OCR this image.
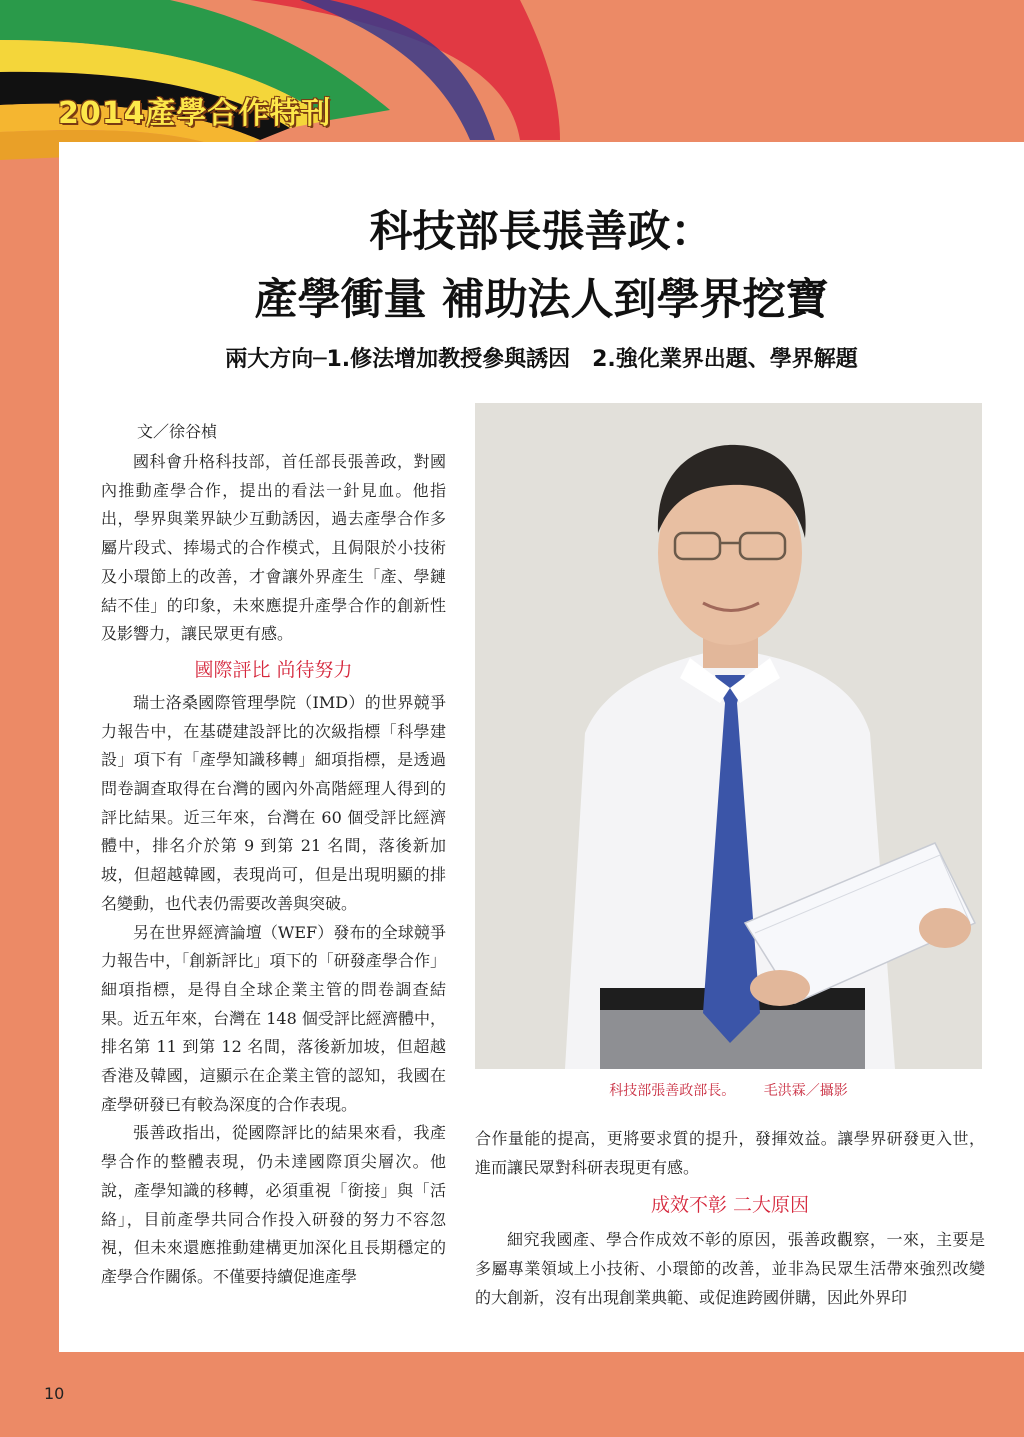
2014產學合作特刊
科技部長張善政：
產學衝量 補助法人到學界挖寶
兩大方向─1.修法增加教授參與誘因　2.強化業界出題、學界解題
文／徐谷楨

國科會升格科技部，首任部長張善政，對國內推動產學合作，提出的看法一針見血。他指出，學界與業界缺少互動誘因，過去產學合作多屬片段式、捧場式的合作模式，且侷限於小技術及小環節上的改善，才會讓外界產生「產、學鏈結不佳」的印象，未來應提升產學合作的創新性及影響力，讓民眾更有感。

國際評比 尚待努力

瑞士洛桑國際管理學院（IMD）的世界競爭力報告中，在基礎建設評比的次級指標「科學建設」項下有「產學知識移轉」細項指標，是透過問卷調查取得在台灣的國內外高階經理人得到的評比結果。近三年來，台灣在 60 個受評比經濟體中，排名介於第 9 到第 21 名間，落後新加坡，但超越韓國，表現尚可，但是出現明顯的排名變動，也代表仍需要改善與突破。

另在世界經濟論壇（WEF）發布的全球競爭力報告中，「創新評比」項下的「研發產學合作」細項指標，是得自全球企業主管的問卷調查結果。近五年來，台灣在 148 個受評比經濟體中，排名第 11 到第 12 名間，落後新加坡，但超越香港及韓國，這顯示在企業主管的認知，我國在產學研發已有較為深度的合作表現。

張善政指出，從國際評比的結果來看，我產學合作的整體表現，仍未達國際頂尖層次。他說，產學知識的移轉，必須重視「銜接」與「活絡」，目前產學共同合作投入研發的努力不容忽視，但未來還應推動建構更加深化且長期穩定的產學合作關係。不僅要持續促進產學

科技部張善政部長。 毛洪霖／攝影

合作量能的提高，更將要求質的提升，發揮效益。讓學界研發更入世，進而讓民眾對科研表現更有感。

成效不彰 二大原因

細究我國產、學合作成效不彰的原因，張善政觀察，一來，主要是多屬專業領域上小技術、小環節的改善，並非為民眾生活帶來強烈改變的大創新，沒有出現創業典範、或促進跨國併購，因此外界印

10
